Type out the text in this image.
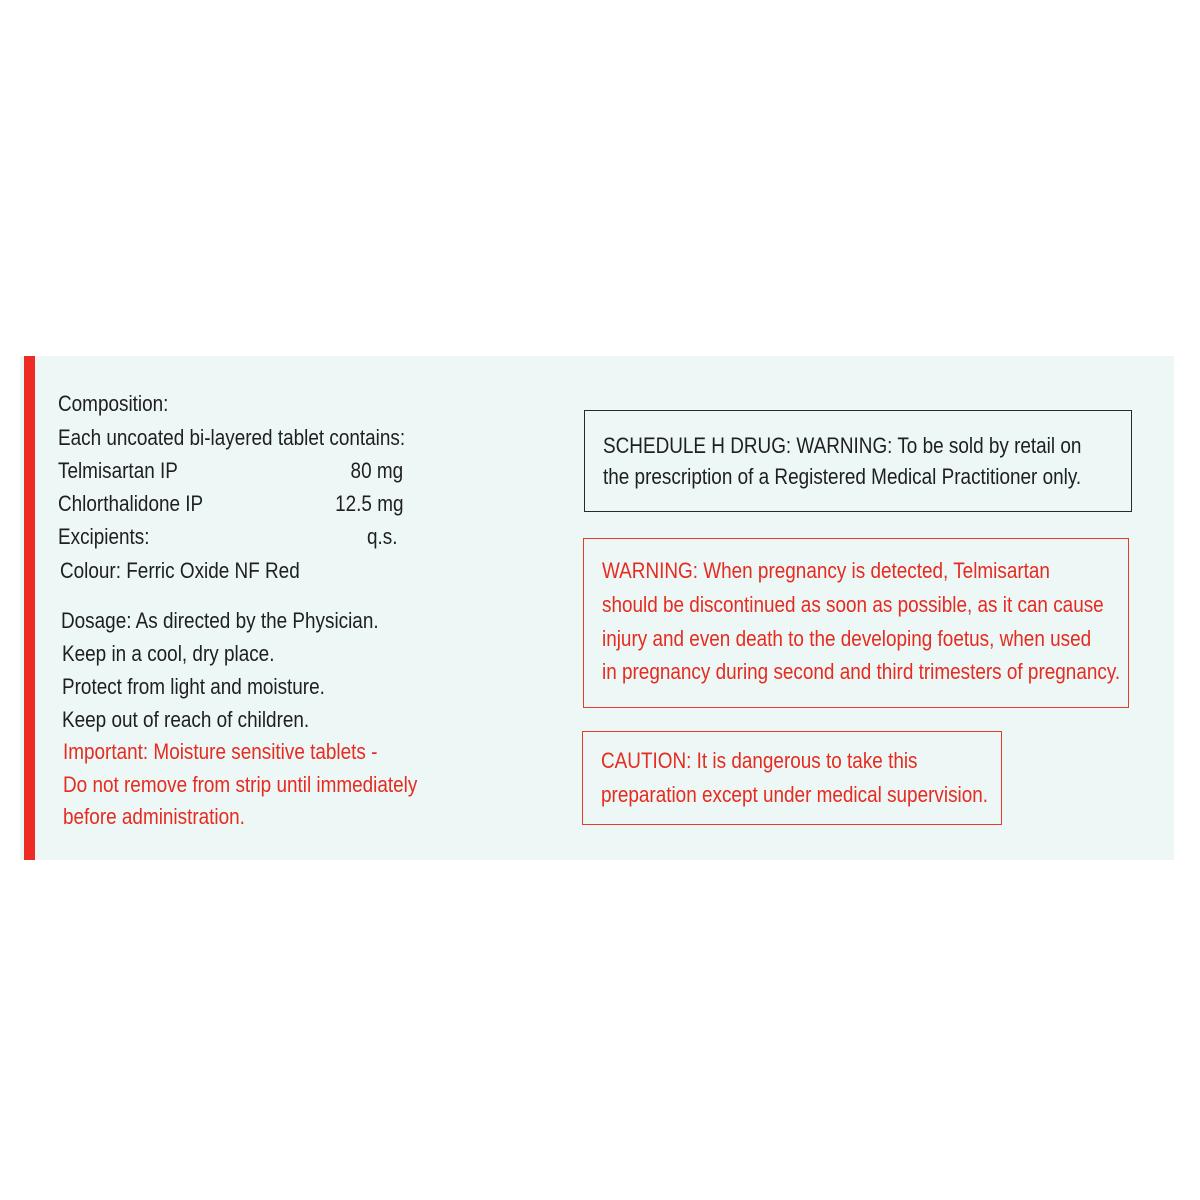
Composition:
Each uncoated bi-layered tablet contains:
Telmisartan IP	80 mg
Chlorthalidone IP	12.5 mg
Excipients:	q.s.
Colour: Ferric Oxide NF Red
Dosage: As directed by the Physician.
Keep in a cool, dry place.
Protect from light and moisture.
Keep out of reach of children.
Important: Moisture sensitive tablets -
Do not remove from strip until immediately
before administration.
SCHEDULE H DRUG: WARNING: To be sold by retail on
the prescription of a Registered Medical Practitioner only.
WARNING: When pregnancy is detected, Telmisartan
should be discontinued as soon as possible, as it can cause
injury and even death to the developing foetus, when used
in pregnancy during second and third trimesters of pregnancy.
CAUTION: It is dangerous to take this
preparation except under medical supervision.
